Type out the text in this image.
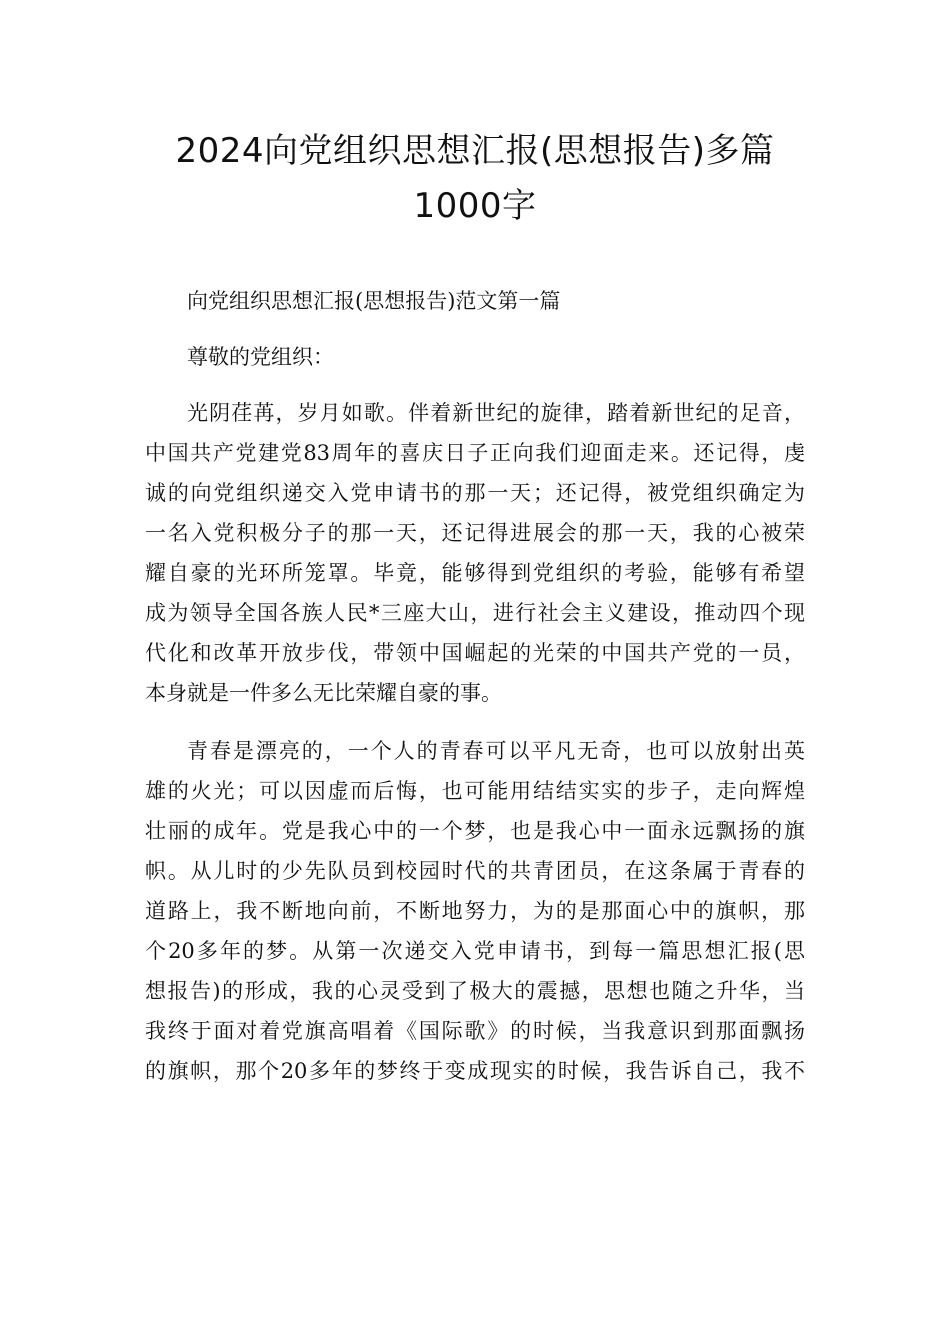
2024向党组织思想汇报(思想报告)多篇
1000字

向党组织思想汇报(思想报告)范文第一篇

尊敬的党组织：

光阴荏苒，岁月如歌。伴着新世纪的旋律，踏着新世纪的足音，
中国共产党建党83周年的喜庆日子正向我们迎面走来。还记得，虔
诚的向党组织递交入党申请书的那一天；还记得，被党组织确定为
一名入党积极分子的那一天，还记得进展会的那一天，我的心被荣
耀自豪的光环所笼罩。毕竟，能够得到党组织的考验，能够有希望
成为领导全国各族人民*三座大山，进行社会主义建设，推动四个现
代化和改革开放步伐，带领中国崛起的光荣的中国共产党的一员，
本身就是一件多么无比荣耀自豪的事。

青春是漂亮的，一个人的青春可以平凡无奇，也可以放射出英
雄的火光；可以因虚而后悔，也可能用结结实实的步子，走向辉煌
壮丽的成年。党是我心中的一个梦，也是我心中一面永远飘扬的旗
帜。从儿时的少先队员到校园时代的共青团员，在这条属于青春的
道路上，我不断地向前，不断地努力，为的是那面心中的旗帜，那
个20多年的梦。从第一次递交入党申请书，到每一篇思想汇报(思
想报告)的形成，我的心灵受到了极大的震撼，思想也随之升华，当
我终于面对着党旗高唱着《国际歌》的时候，当我意识到那面飘扬
的旗帜，那个20多年的梦终于变成现实的时候，我告诉自己，我不
